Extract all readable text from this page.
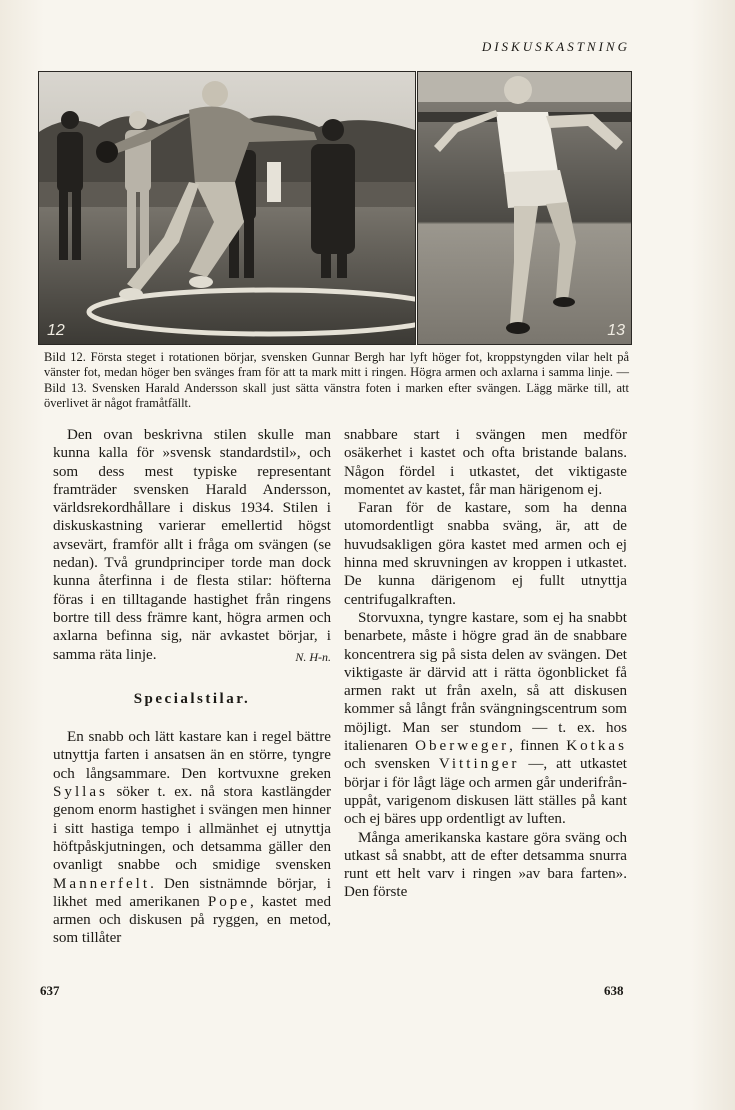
DISKUSKASTNING
12	13
Bild 12. Första steget i rotationen börjar, svensken Gunnar Bergh har lyft höger fot, kroppstyngden vilar helt på vänster fot, medan höger ben svänges fram för att ta mark mitt i ringen. Högra armen och axlarna i samma linje. — Bild 13. Svensken Harald Andersson skall just sätta vänstra foten i marken efter svängen. Lägg märke till, att överlivet är något framåtfällt.

Den ovan beskrivna stilen skulle man kunna kalla för »svensk standardstil», och som dess mest typiske representant framträder svensken Harald Andersson, världsrekordhållare i diskus 1934. Stilen i diskuskastning varierar emellertid högst avsevärt, framför allt i fråga om svängen (se nedan). Två grundprinciper torde man dock kunna återfinna i de flesta stilar: höfterna föras i en tilltagande hastighet från ringens bortre till dess främre kant, högra armen och axlarna befinna sig, när avkastet börjar, i samma räta linje.	N. H-n.

Specialstilar.

En snabb och lätt kastare kan i regel bättre utnyttja farten i ansatsen än en större, tyngre och långsammare. Den kortvuxne greken Syllas söker t. ex. nå stora kastlängder genom enorm hastighet i svängen men hinner i sitt hastiga tempo i allmänhet ej utnyttja höftpåskjutningen, och detsamma gäller den ovanligt snabbe och smidige svensken Mannerfelt. Den sistnämnde börjar, i likhet med amerikanen Pope, kastet med armen och diskusen på ryggen, en metod, som tillåter

snabbare start i svängen men medför osäkerhet i kastet och ofta bristande balans. Någon fördel i utkastet, det viktigaste momentet av kastet, får man härigenom ej.

Faran för de kastare, som ha denna utomordentligt snabba sväng, är, att de huvudsakligen göra kastet med armen och ej hinna med skruvningen av kroppen i utkastet. De kunna därigenom ej fullt utnyttja centrifugalkraften.

Storvuxna, tyngre kastare, som ej ha snabbt benarbete, måste i högre grad än de snabbare koncentrera sig på sista delen av svängen. Det viktigaste är därvid att i rätta ögonblicket få armen rakt ut från axeln, så att diskusen kommer så långt från svängningscentrum som möjligt. Man ser stundom — t. ex. hos italienaren Oberweger, finnen Kotkas och svensken Vittinger —, att utkastet börjar i för lågt läge och armen går underifrån-uppåt, varigenom diskusen lätt ställes på kant och ej bäres upp ordentligt av luften.

Många amerikanska kastare göra sväng och utkast så snabbt, att de efter detsamma snurra runt ett helt varv i ringen »av bara farten». Den förste

637	638
